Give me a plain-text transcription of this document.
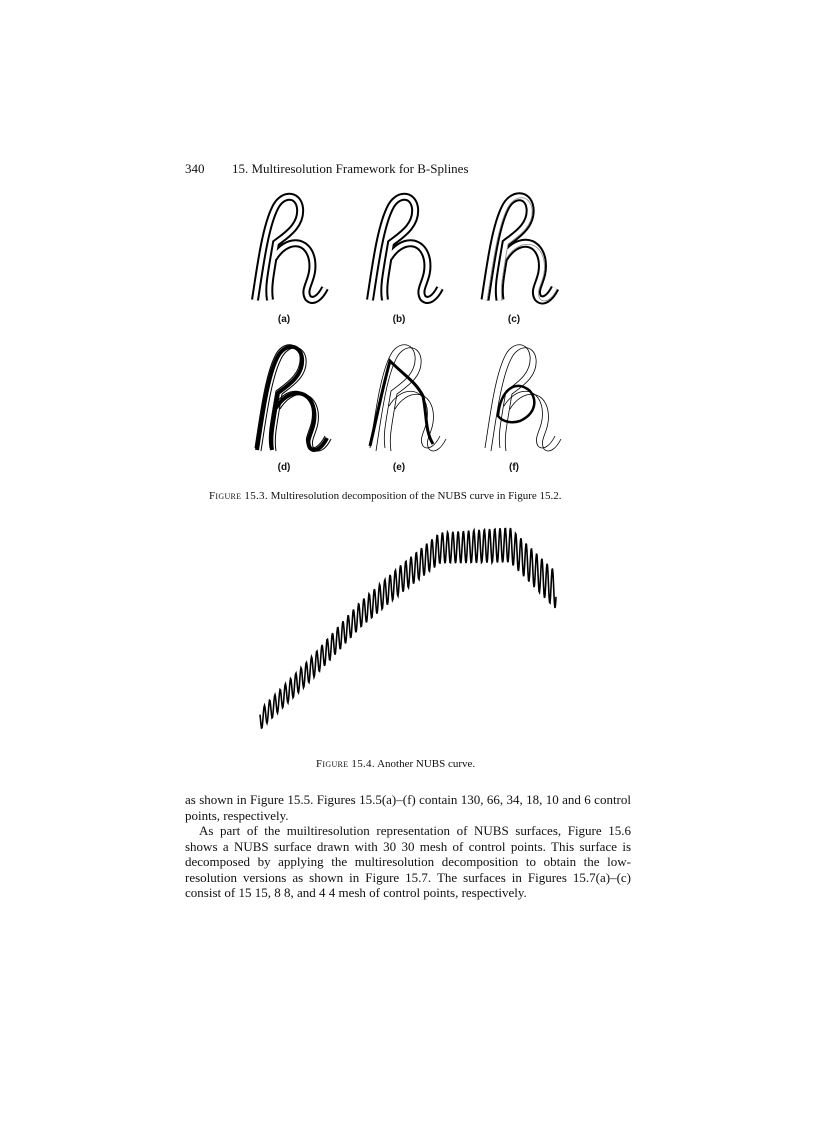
340 15. Multiresolution Framework for B-Splines
(a)	(b)	(c)
(d)	(e)	(f)
Figure 15.3. Multiresolution decomposition of the NUBS curve in Figure 15.2.
Figure 15.4. Another NUBS curve.

as shown in Figure 15.5. Figures 15.5(a)–(f) contain 130, 66, 34, 18, 10 and 6 control points, respectively.

As part of the muiltiresolution representation of NUBS surfaces, Figure 15.6 shows a NUBS surface drawn with 30 30 mesh of control points. This surface is decomposed by applying the multiresolution decomposition to obtain the low-resolution versions as shown in Figure 15.7. The surfaces in Figures 15.7(a)–(c) consist of 15 15, 8 8, and 4 4 mesh of control points, respectively.
